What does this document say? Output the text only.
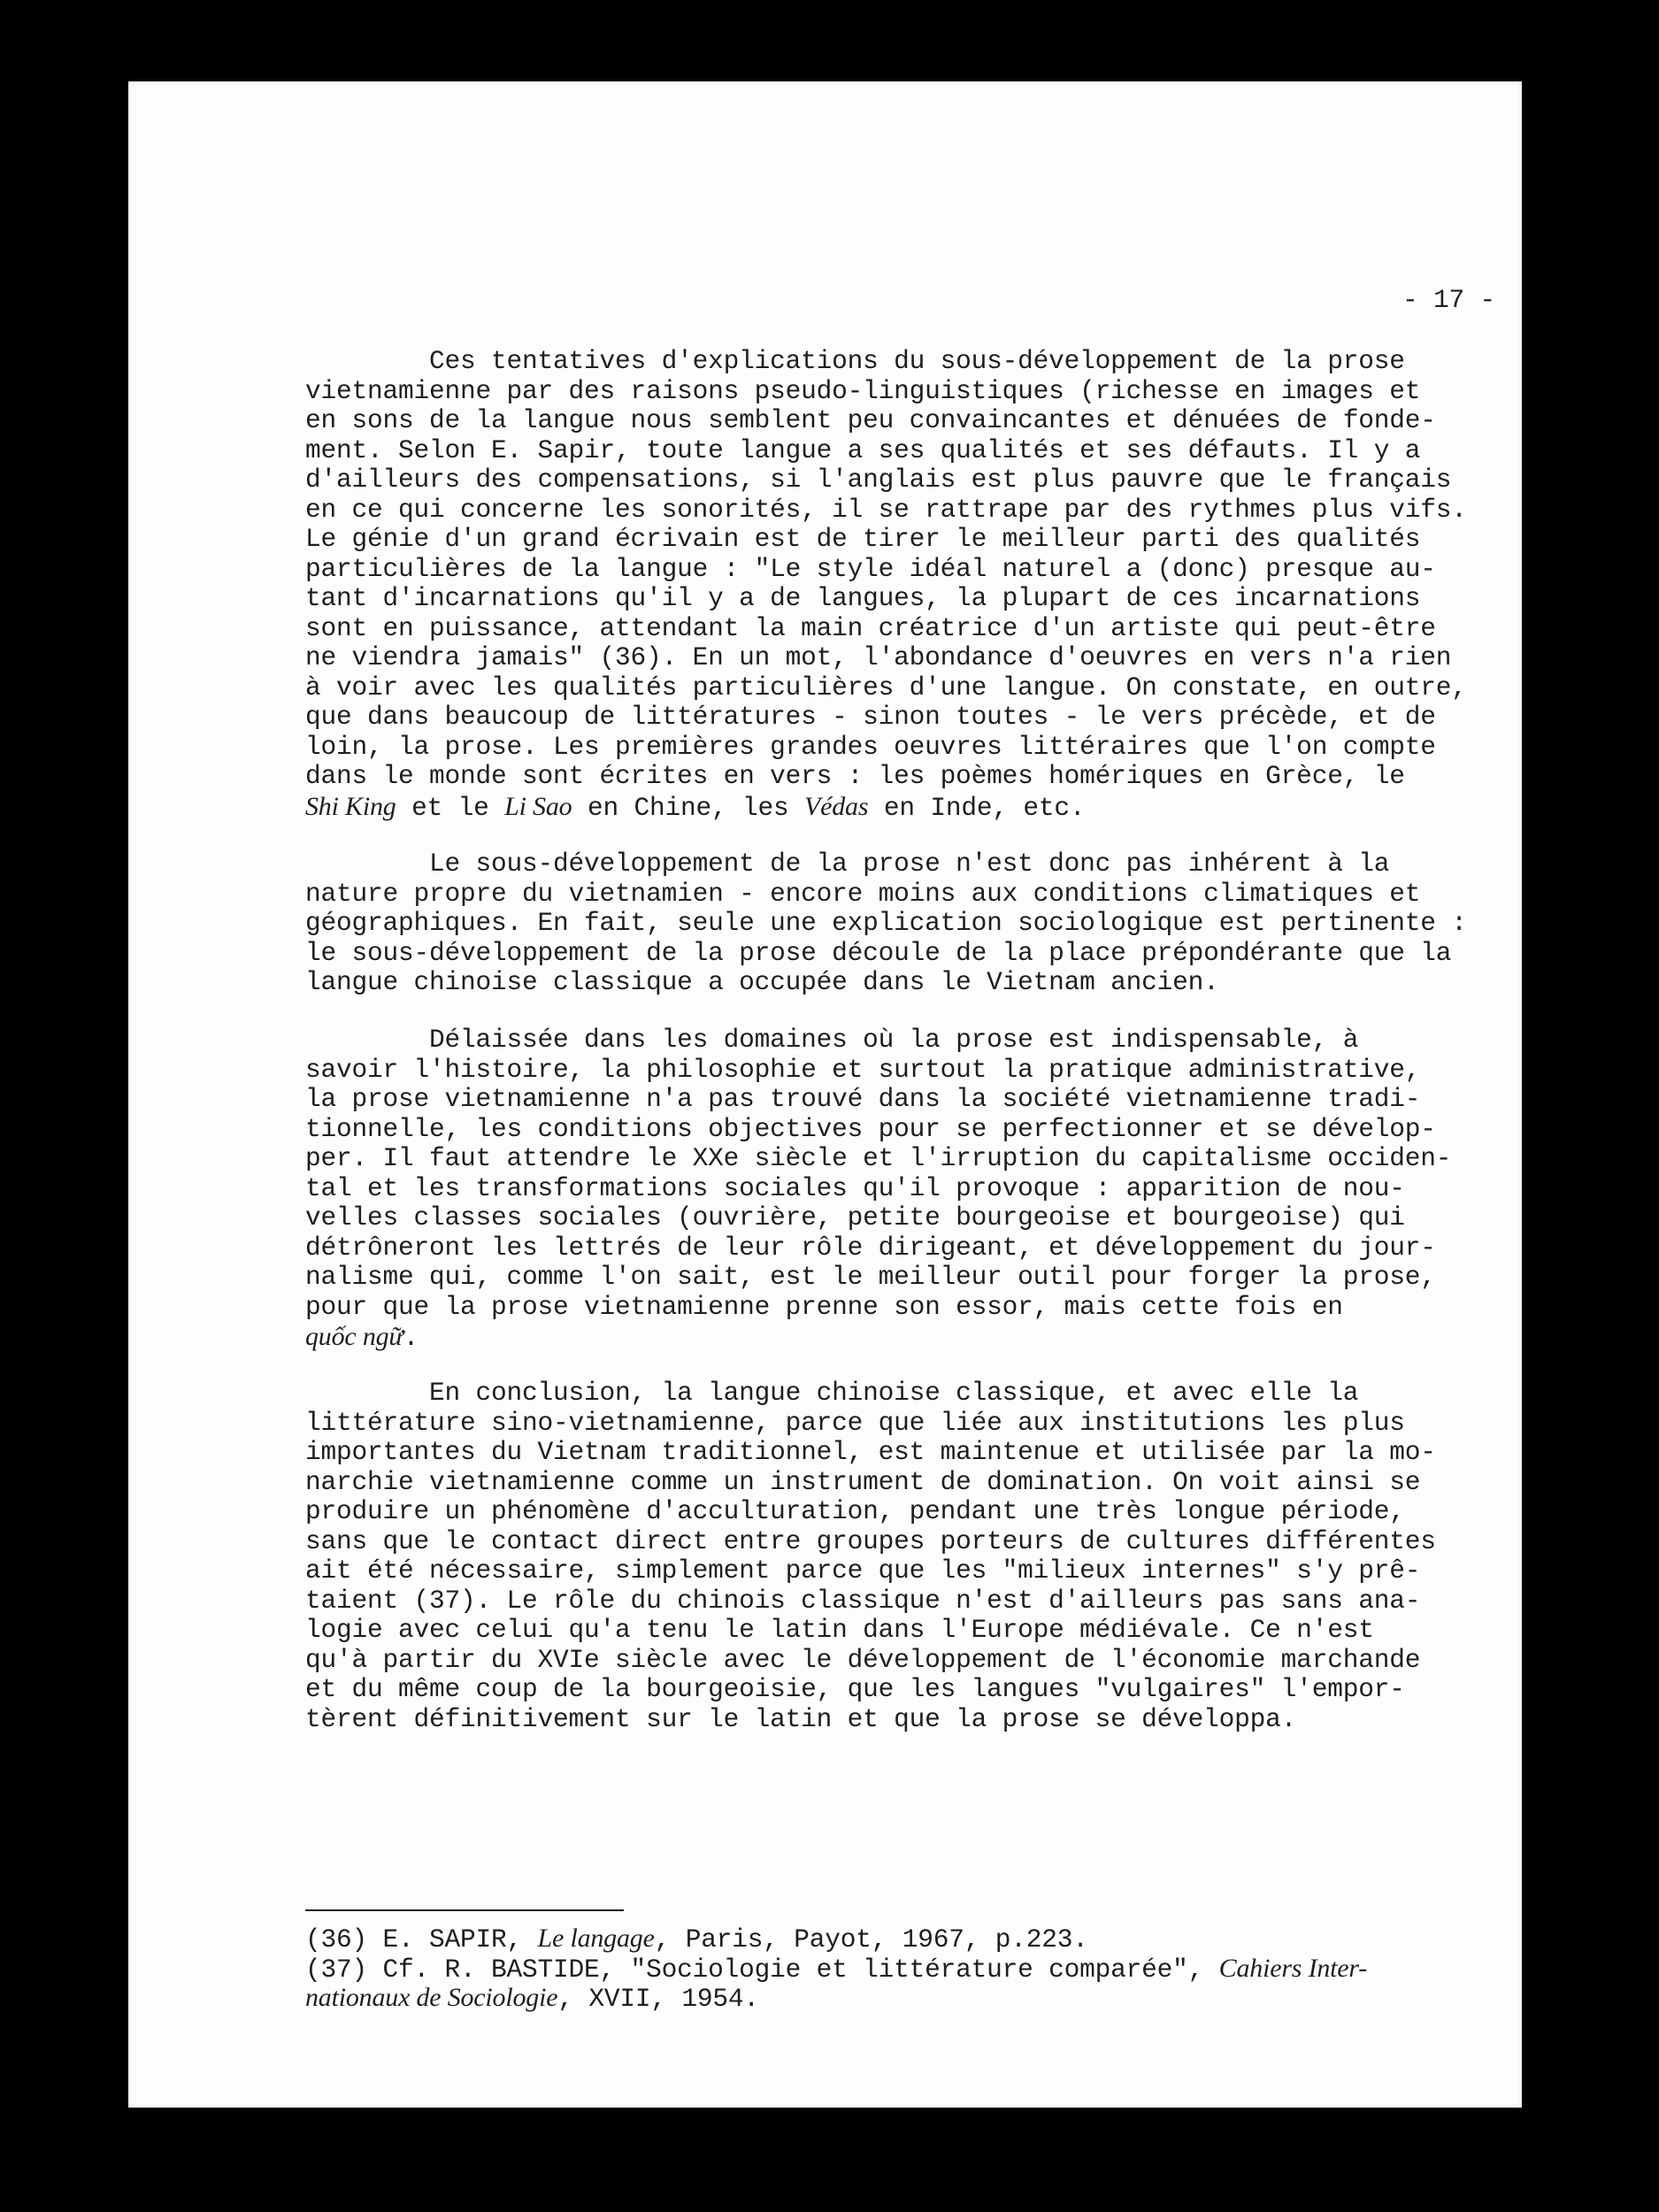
- 17 -
Ces tentatives d'explications du sous-développement de la prose
vietnamienne par des raisons pseudo-linguistiques (richesse en images et
en sons de la langue nous semblent peu convaincantes et dénuées de fonde-
ment. Selon E. Sapir, toute langue a ses qualités et ses défauts. Il y a
d'ailleurs des compensations, si l'anglais est plus pauvre que le français
en ce qui concerne les sonorités, il se rattrape par des rythmes plus vifs.
Le génie d'un grand écrivain est de tirer le meilleur parti des qualités
particulières de la langue : "Le style idéal naturel a (donc) presque au-
tant d'incarnations qu'il y a de langues, la plupart de ces incarnations
sont en puissance, attendant la main créatrice d'un artiste qui peut-être
ne viendra jamais" (36). En un mot, l'abondance d'oeuvres en vers n'a rien
à voir avec les qualités particulières d'une langue. On constate, en outre,
que dans beaucoup de littératures - sinon toutes - le vers précède, et de
loin, la prose. Les premières grandes oeuvres littéraires que l'on compte
dans le monde sont écrites en vers : les poèmes homériques en Grèce, le
Shi King et le Li Sao en Chine, les Védas en Inde, etc.
Le sous-développement de la prose n'est donc pas inhérent à la
nature propre du vietnamien - encore moins aux conditions climatiques et
géographiques. En fait, seule une explication sociologique est pertinente :
le sous-développement de la prose découle de la place prépondérante que la
langue chinoise classique a occupée dans le Vietnam ancien.
Délaissée dans les domaines où la prose est indispensable, à
savoir l'histoire, la philosophie et surtout la pratique administrative,
la prose vietnamienne n'a pas trouvé dans la société vietnamienne tradi-
tionnelle, les conditions objectives pour se perfectionner et se dévelop-
per. Il faut attendre le XXe siècle et l'irruption du capitalisme occiden-
tal et les transformations sociales qu'il provoque : apparition de nou-
velles classes sociales (ouvrière, petite bourgeoise et bourgeoise) qui
détrôneront les lettrés de leur rôle dirigeant, et développement du jour-
nalisme qui, comme l'on sait, est le meilleur outil pour forger la prose,
pour que la prose vietnamienne prenne son essor, mais cette fois en
quốc ngữ.
En conclusion, la langue chinoise classique, et avec elle la
littérature sino-vietnamienne, parce que liée aux institutions les plus
importantes du Vietnam traditionnel, est maintenue et utilisée par la mo-
narchie vietnamienne comme un instrument de domination. On voit ainsi se
produire un phénomène d'acculturation, pendant une très longue période,
sans que le contact direct entre groupes porteurs de cultures différentes
ait été nécessaire, simplement parce que les "milieux internes" s'y prê-
taient (37). Le rôle du chinois classique n'est d'ailleurs pas sans ana-
logie avec celui qu'a tenu le latin dans l'Europe médiévale. Ce n'est
qu'à partir du XVIe siècle avec le développement de l'économie marchande
et du même coup de la bourgeoisie, que les langues "vulgaires" l'empor-
tèrent définitivement sur le latin et que la prose se développa.
(36) E. SAPIR, Le langage, Paris, Payot, 1967, p.223.
(37) Cf. R. BASTIDE, "Sociologie et littérature comparée", Cahiers Inter-
nationaux de Sociologie, XVII, 1954.
